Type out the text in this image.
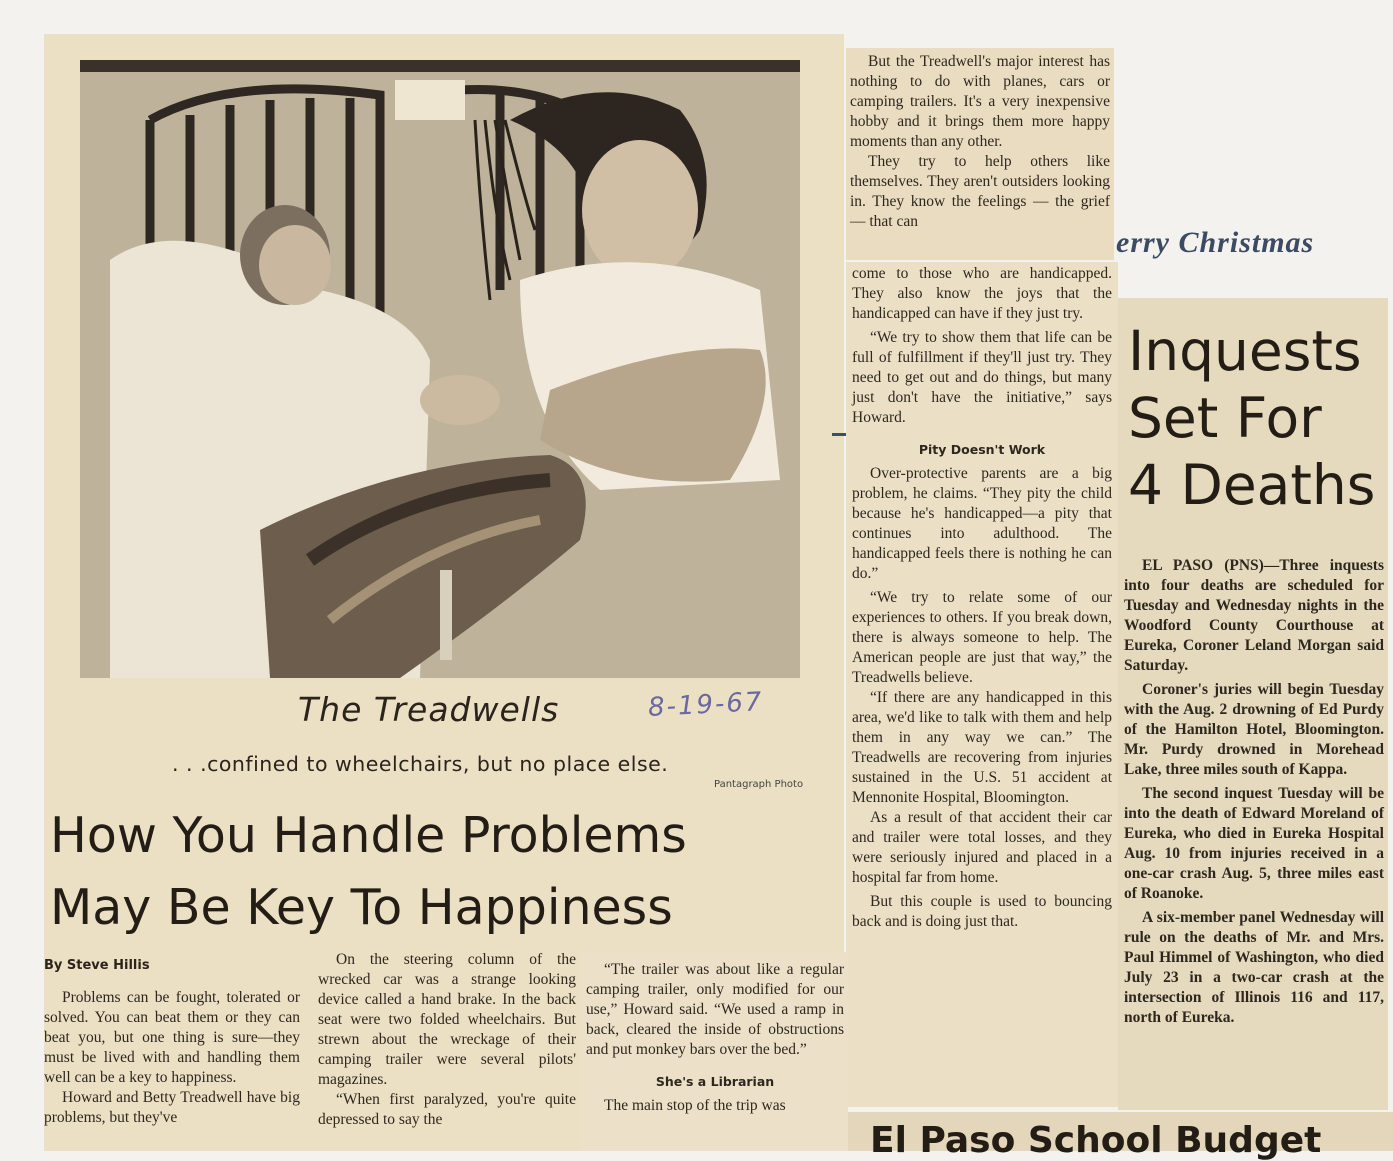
The Treadwells	8-19-67
. . .confined to wheelchairs, but no place else.
Pantagraph Photo
How You Handle Problems
May Be Key To Happiness
By Steve Hillis

Problems can be fought, tolerated or solved. You can beat them or they can beat you, but one thing is sure—they must be lived with and handling them well can be a key to happiness.

Howard and Betty Treadwell have big problems, but they've

On the steering column of the wrecked car was a strange looking device called a hand brake. In the back seat were two folded wheelchairs. But strewn about the wreckage of their camping trailer were several pilots' magazines.

“When first paralyzed, you're quite depressed to say the

“The trailer was about like a regular camping trailer, only modified for our use,” Howard said. “We used a ramp in back, cleared the inside of obstructions and put monkey bars over the bed.”

She's a Librarian

The main stop of the trip was

But the Treadwell's major interest has nothing to do with planes, cars or camping trailers. It's a very inexpensive hobby and it brings them more happy moments than any other.

They try to help others like themselves. They aren't outsiders looking in. They know the feelings — the grief — that can

erry Christmas

come to those who are handicapped. They also know the joys that the handicapped can have if they just try.

“We try to show them that life can be full of fulfillment if they'll just try. They need to get out and do things, but many just don't have the initiative,” says Howard.

Pity Doesn't Work

Over-protective parents are a big problem, he claims. “They pity the child because he's handicapped—a pity that continues into adulthood. The handicapped feels there is nothing he can do.”

“We try to relate some of our experiences to others. If you break down, there is always someone to help. The American people are just that way,” the Treadwells believe.

“If there are any handicapped in this area, we'd like to talk with them and help them in any way we can.” The Treadwells are recovering from injuries sustained in the U.S. 51 accident at Mennonite Hospital, Bloomington.

As a result of that accident their car and trailer were total losses, and they were seriously injured and placed in a hospital far from home.

But this couple is used to bouncing back and is doing just that.

Inquests
Set For
4 Deaths

EL PASO (PNS)—Three inquests into four deaths are scheduled for Tuesday and Wednesday nights in the Woodford County Courthouse at Eureka, Coroner Leland Morgan said Saturday.

Coroner's juries will begin Tuesday with the Aug. 2 drowning of Ed Purdy of the Hamilton Hotel, Bloomington. Mr. Purdy drowned in Morehead Lake, three miles south of Kappa.

The second inquest Tuesday will be into the death of Edward Moreland of Eureka, who died in Eureka Hospital Aug. 10 from injuries received in a one-car crash Aug. 5, three miles east of Roanoke.

A six-member panel Wednesday will rule on the deaths of Mr. and Mrs. Paul Himmel of Washington, who died July 23 in a two-car crash at the intersection of Illinois 116 and 117, north of Eureka.

El Paso School Budget
